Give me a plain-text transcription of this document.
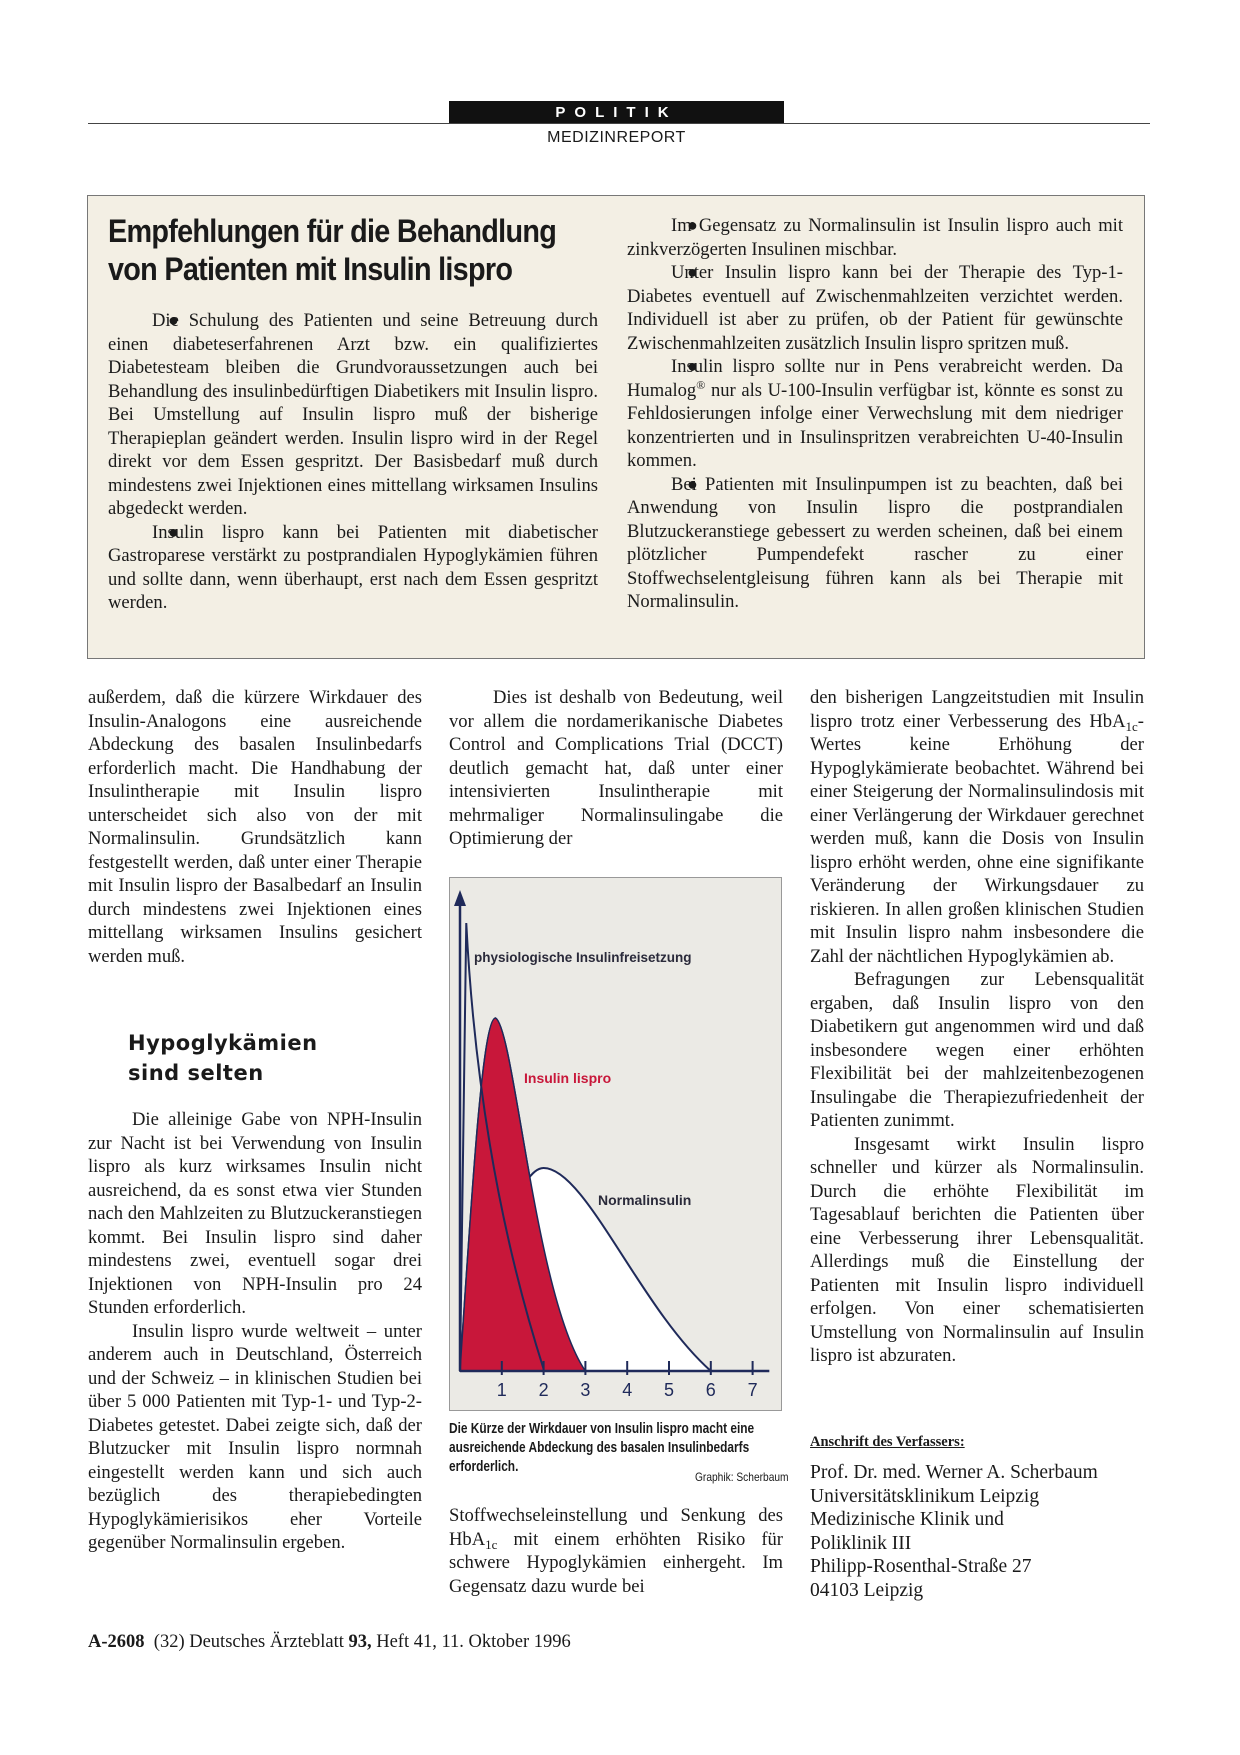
POLITIK
MEDIZINREPORT
Empfehlungen für die Behandlung
von Patienten mit Insulin lispro

● Die Schulung des Patienten und seine Betreuung durch einen diabeteserfahrenen Arzt bzw. ein qualifiziertes Diabetesteam bleiben die Grundvoraussetzungen auch bei Behandlung des insulinbedürftigen Diabetikers mit Insulin lispro. Bei Umstellung auf Insulin lispro muß der bisherige Therapieplan geändert werden. Insulin lispro wird in der Regel direkt vor dem Essen gespritzt. Der Basisbedarf muß durch mindestens zwei Injektionen eines mittellang wirksamen Insulins abgedeckt werden.

● Insulin lispro kann bei Patienten mit diabetischer Gastroparese verstärkt zu postprandialen Hypoglykämien führen und sollte dann, wenn überhaupt, erst nach dem Essen gespritzt werden.

● Im Gegensatz zu Normalinsulin ist Insulin lispro auch mit zinkverzögerten Insulinen mischbar.

● Unter Insulin lispro kann bei der Therapie des Typ-1-Diabetes eventuell auf Zwischenmahlzeiten verzichtet werden. Individuell ist aber zu prüfen, ob der Patient für gewünschte Zwischenmahlzeiten zusätzlich Insulin lispro spritzen muß.

● Insulin lispro sollte nur in Pens verabreicht werden. Da Humalog® nur als U-100-Insulin verfügbar ist, könnte es sonst zu Fehldosierungen infolge einer Verwechslung mit dem niedriger konzentrierten und in Insulinspritzen verabreichten U-40-Insulin kommen.

● Bei Patienten mit Insulinpumpen ist zu beachten, daß bei Anwendung von Insulin lispro die postprandialen Blutzuckeranstiege gebessert zu werden scheinen, daß bei einem plötzlicher Pumpendefekt rascher zu einer Stoffwechselentgleisung führen kann als bei Therapie mit Normalinsulin.

außerdem, daß die kürzere Wirkdauer des Insulin-Analogons eine ausreichende Abdeckung des basalen Insulinbedarfs erforderlich macht. Die Handhabung der Insulintherapie mit Insulin lispro unterscheidet sich also von der mit Normalinsulin. Grundsätzlich kann festgestellt werden, daß unter einer Therapie mit Insulin lispro der Basalbedarf an Insulin durch mindestens zwei Injektionen eines mittellang wirksamen Insulins gesichert werden muß.

Hypoglykämien
sind selten

Die alleinige Gabe von NPH-Insulin zur Nacht ist bei Verwendung von Insulin lispro als kurz wirksames Insulin nicht ausreichend, da es sonst etwa vier Stunden nach den Mahlzeiten zu Blutzuckeranstiegen kommt. Bei Insulin lispro sind daher mindestens zwei, eventuell sogar drei Injektionen von NPH-Insulin pro 24 Stunden erforderlich.

Insulin lispro wurde weltweit – unter anderem auch in Deutschland, Österreich und der Schweiz – in klinischen Studien bei über 5 000 Patienten mit Typ-1- und Typ-2-Diabetes getestet. Dabei zeigte sich, daß der Blutzucker mit Insulin lispro normnah eingestellt werden kann und sich auch bezüglich des therapiebedingten Hypoglykämierisikos eher Vorteile gegenüber Normalinsulin ergeben.

Dies ist deshalb von Bedeutung, weil vor allem die nordamerikanische Diabetes Control and Complications Trial (DCCT) deutlich gemacht hat, daß unter einer intensivierten Insulintherapie mit mehrmaliger Normalinsulingabe die Optimierung der

1 2 3 4 5 6 7
physiologische Insulinfreisetzung
Insulin lispro
Normalinsulin
Die Kürze der Wirkdauer von Insulin lispro macht eine ausreichende Abdeckung des basalen Insulinbedarfs erforderlich.
Graphik: Scherbaum

Stoffwechseleinstellung und Senkung des HbA$_{1c}$ mit einem erhöhten Risiko für schwere Hypoglykämien einhergeht. Im Gegensatz dazu wurde bei

den bisherigen Langzeitstudien mit Insulin lispro trotz einer Verbesserung des HbA$_{1c}$-Wertes keine Erhöhung der Hypoglykämierate beobachtet. Während bei einer Steigerung der Normalinsulindosis mit einer Verlängerung der Wirkdauer gerechnet werden muß, kann die Dosis von Insulin lispro erhöht werden, ohne eine signifikante Veränderung der Wirkungsdauer zu riskieren. In allen großen klinischen Studien mit Insulin lispro nahm insbesondere die Zahl der nächtlichen Hypoglykämien ab.

Befragungen zur Lebensqualität ergaben, daß Insulin lispro von den Diabetikern gut angenommen wird und daß insbesondere wegen einer erhöhten Flexibilität bei der mahlzeitenbezogenen Insulingabe die Therapiezufriedenheit der Patienten zunimmt.

Insgesamt wirkt Insulin lispro schneller und kürzer als Normalinsulin. Durch die erhöhte Flexibilität im Tagesablauf berichten die Patienten über eine Verbesserung ihrer Lebensqualität. Allerdings muß die Einstellung der Patienten mit Insulin lispro individuell erfolgen. Von einer schematisierten Umstellung von Normalinsulin auf Insulin lispro ist abzuraten.

Anschrift des Verfassers:
Prof. Dr. med. Werner A. Scherbaum
Universitätsklinikum Leipzig
Medizinische Klinik und
Poliklinik III
Philipp-Rosenthal-Straße 27
04103 Leipzig
A-2608  (32) Deutsches Ärzteblatt 93, Heft 41, 11. Oktober 1996
